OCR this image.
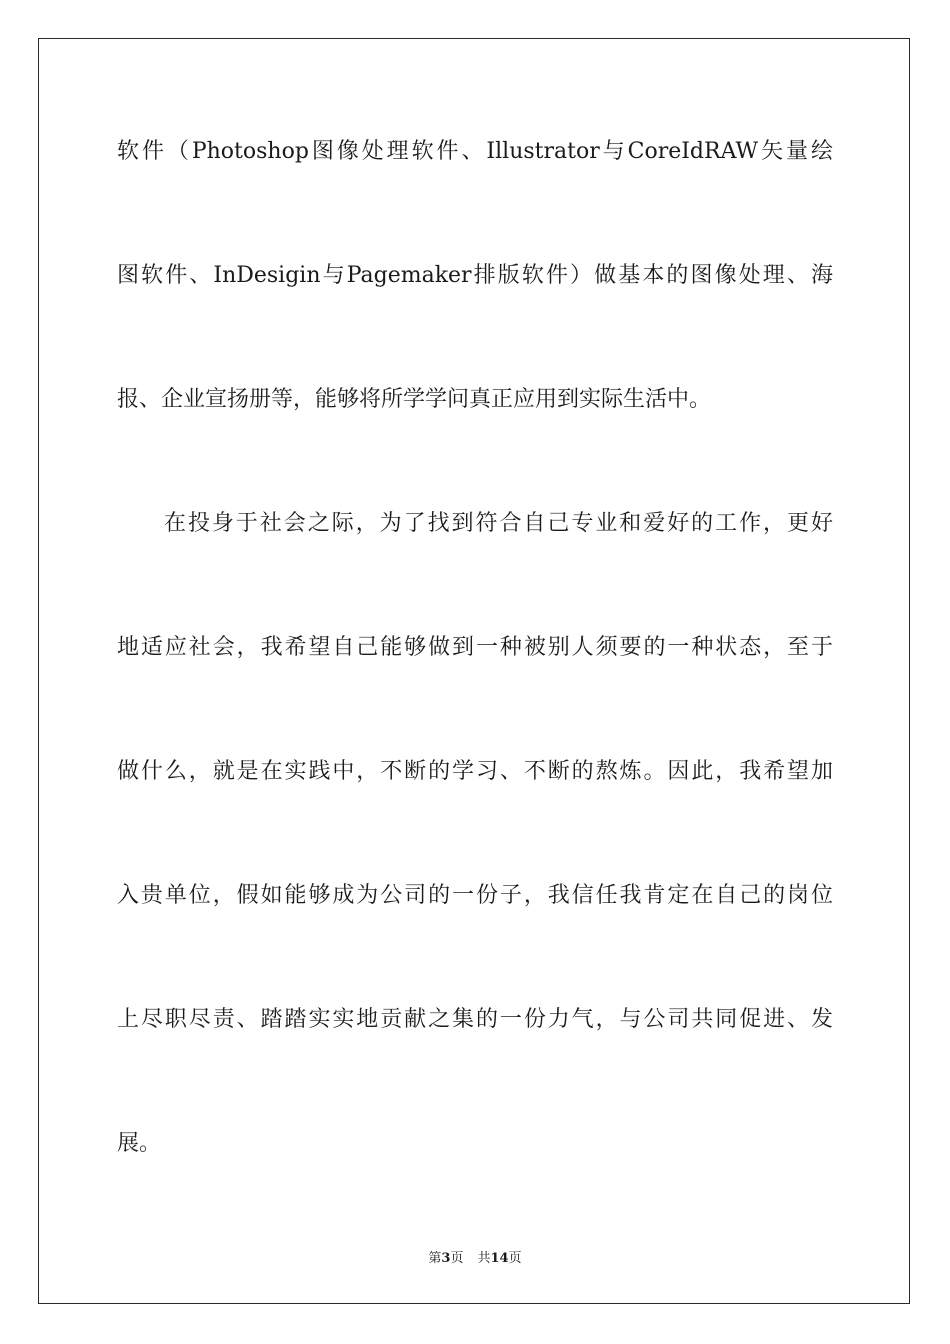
软件（Photoshop图像处理软件、Illustrator与CoreIdRAW矢量绘
图软件、InDesigin与Pagemaker排版软件）做基本的图像处理、海
报、企业宣扬册等，能够将所学学问真正应用到实际生活中。
在投身于社会之际，为了找到符合自己专业和爱好的工作，更好
地适应社会，我希望自己能够做到一种被别人须要的一种状态，至于
做什么，就是在实践中，不断的学习、不断的熬炼。因此，我希望加
入贵单位，假如能够成为公司的一份子，我信任我肯定在自己的岗位
上尽职尽责、踏踏实实地贡献之集的一份力气，与公司共同促进、发
展。
第3页 共14页
